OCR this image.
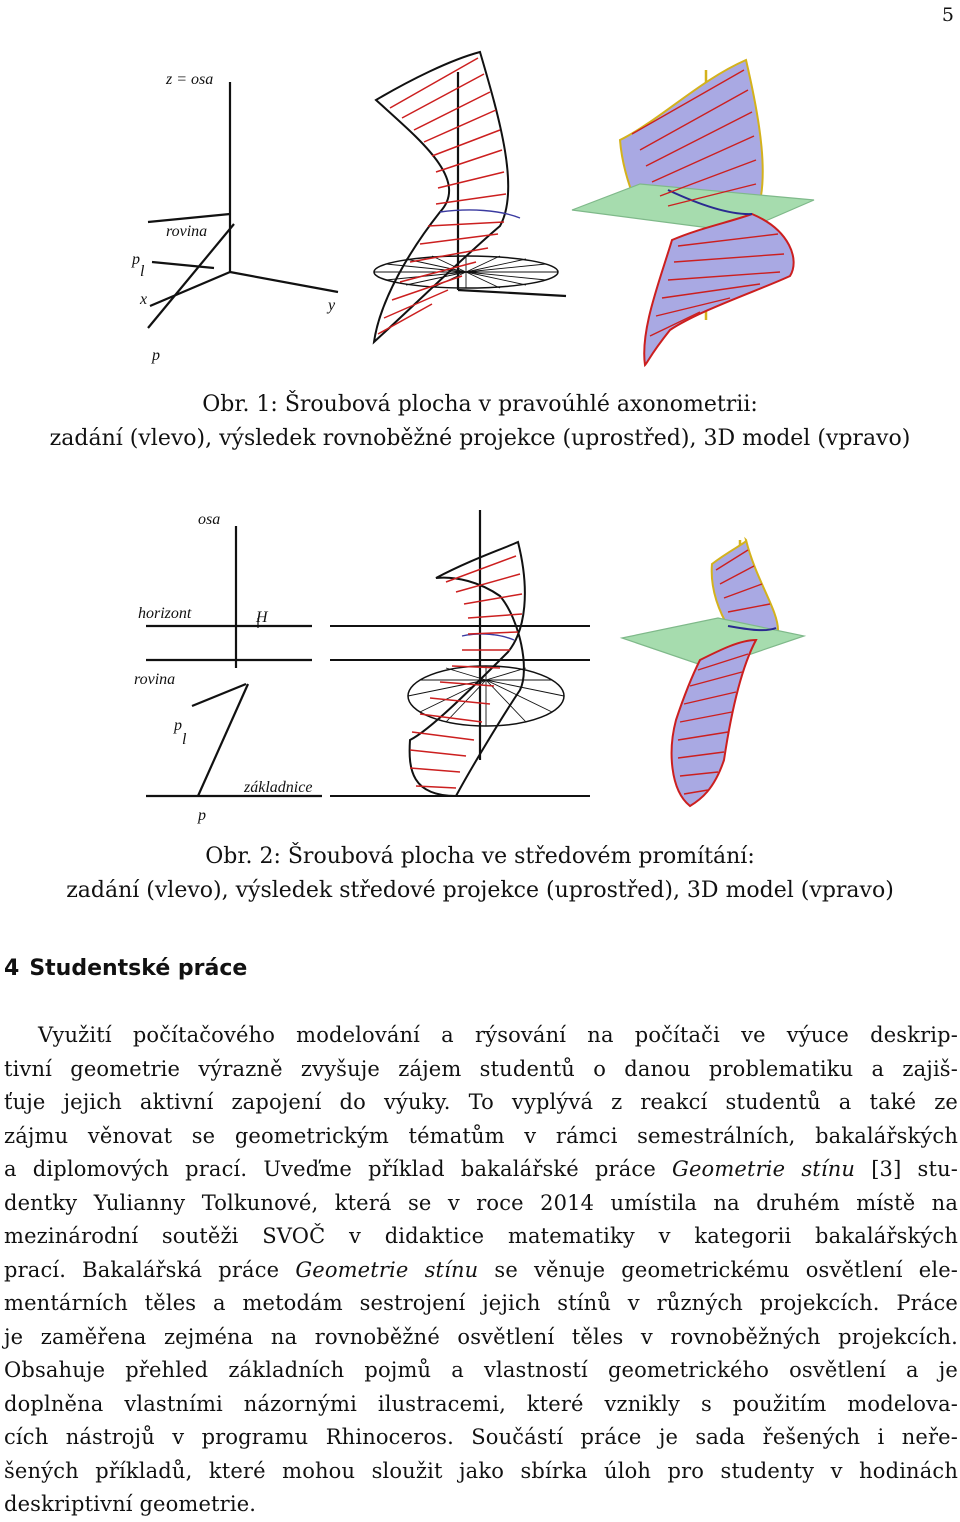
5
z = osa
rovina
p
l
x	y
p
Obr. 1: Šroubová plocha v pravoúhlé axonometrii:
zadání (vlevo), výsledek rovnoběžné projekce (uprostřed), 3D model (vpravo)
osa
horizont	H
rovina
p
l
základnice
p
Obr. 2: Šroubová plocha ve středovém promítání:
zadání (vlevo), výsledek středové projekce (uprostřed), 3D model (vpravo)
4 Studentské práce
Využití počítačového modelování a rýsování na počítači ve výuce deskrip-
tivní geometrie výrazně zvyšuje zájem studentů o danou problematiku a zajiš-
ťuje jejich aktivní zapojení do výuky. To vyplývá z reakcí studentů a také ze
zájmu věnovat se geometrickým tématům v rámci semestrálních, bakalářských
a diplomových prací. Uveďme příklad bakalářské práce Geometrie stínu [3] stu-
dentky Yulianny Tolkunové, která se v roce 2014 umístila na druhém místě na
mezinárodní soutěži SVOČ v didaktice matematiky v kategorii bakalářských
prací. Bakalářská práce Geometrie stínu se věnuje geometrickému osvětlení ele-
mentárních těles a metodám sestrojení jejich stínů v různých projekcích. Práce
je zaměřena zejména na rovnoběžné osvětlení těles v rovnoběžných projekcích.
Obsahuje přehled základních pojmů a vlastností geometrického osvětlení a je
doplněna vlastními názornými ilustracemi, které vznikly s použitím modelova-
cích nástrojů v programu Rhinoceros. Součástí práce je sada řešených i neře-
šených příkladů, které mohou sloužit jako sbírka úloh pro studenty v hodinách
deskriptivní geometrie.
